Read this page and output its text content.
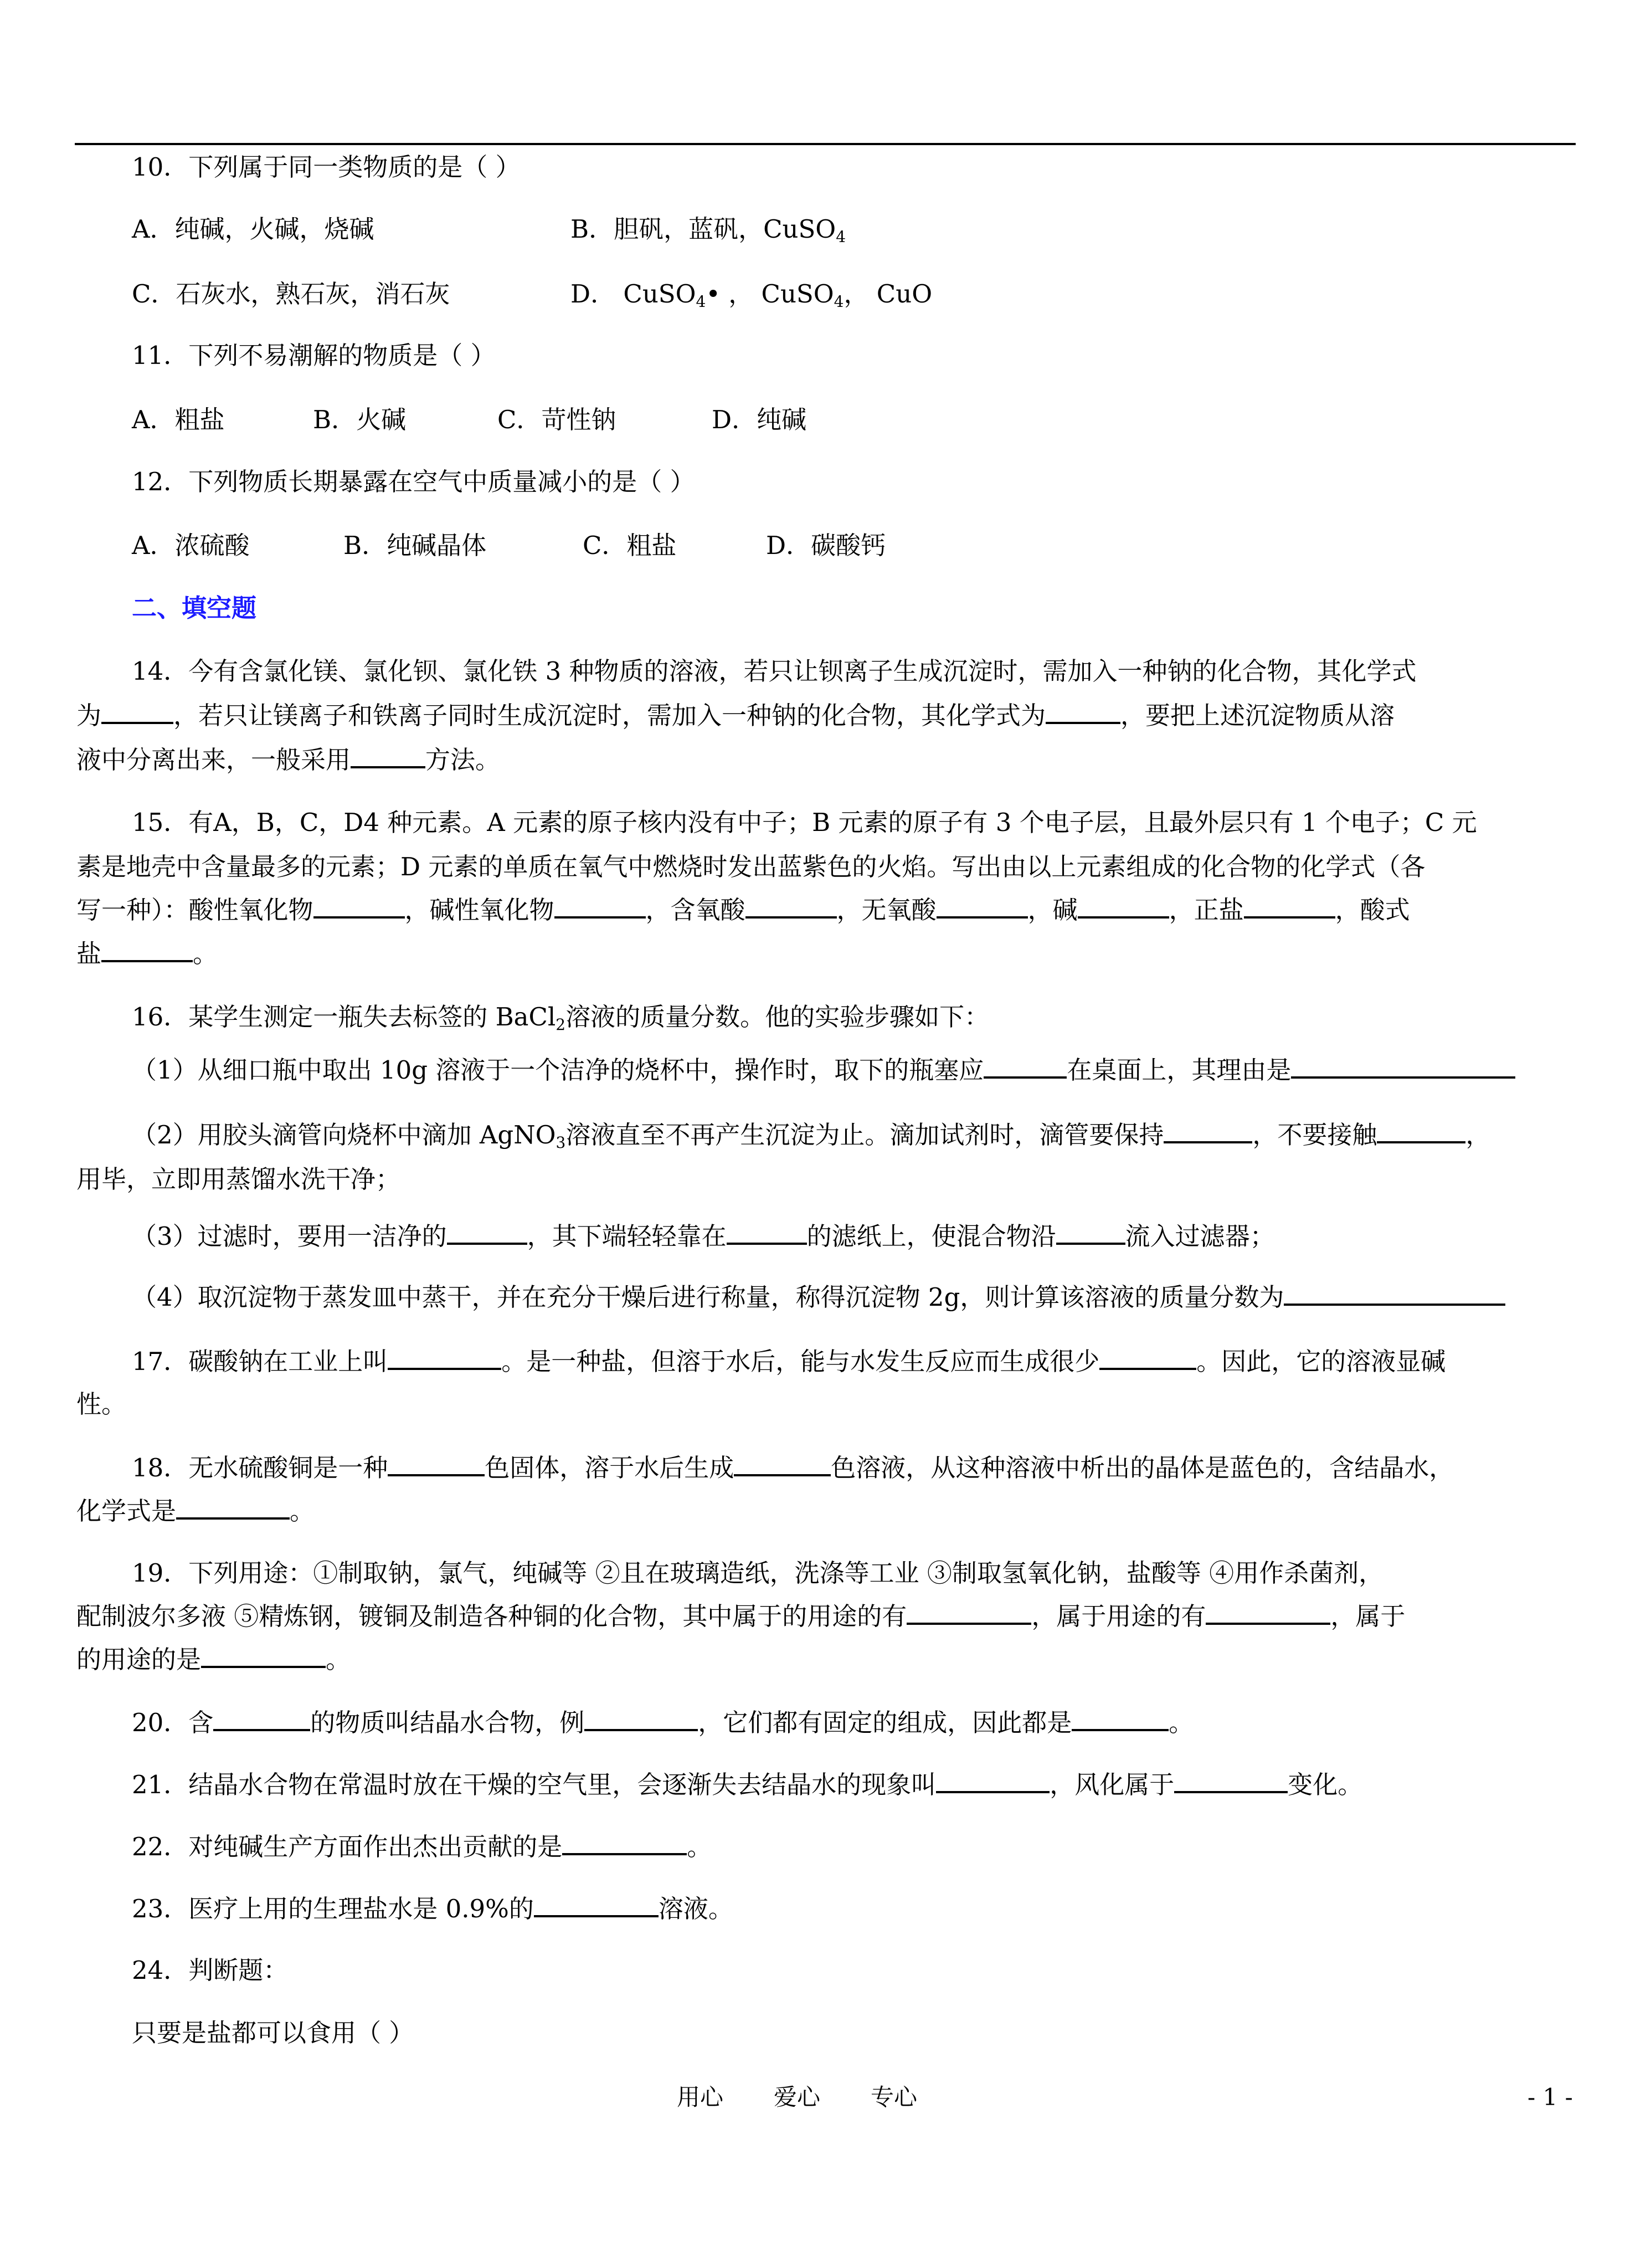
10．下列属于同一类物质的是（ ）
A．纯碱，火碱，烧碱	B．胆矾，蓝矾，CuSO$_4$
C．石灰水，熟石灰，消石灰	D． CuSO$_4$• ， CuSO$_4$， CuO
11．下列不易潮解的物质是（ ）
A．粗盐	B．火碱	C．苛性钠	D．纯碱
12．下列物质长期暴露在空气中质量减小的是（ ）
A．浓硫酸	B．纯碱晶体	C．粗盐	D．碳酸钙
二、填空题
14．今有含氯化镁、氯化钡、氯化铁 3 种物质的溶液，若只让钡离子生成沉淀时，需加入一种钠的化合物，其化学式
为	，若只让镁离子和铁离子同时生成沉淀时，需加入一种钠的化合物，其化学式为	，要把上述沉淀物质从溶
液中分离出来，一般采用	方法。
15．有A，B，C，D4 种元素。A 元素的原子核内没有中子；B 元素的原子有 3 个电子层，且最外层只有 1 个电子；C 元
素是地壳中含量最多的元素；D 元素的单质在氧气中燃烧时发出蓝紫色的火焰。写出由以上元素组成的化合物的化学式（各
写一种）：酸性氧化物	，碱性氧化物	，含氧酸	，无氧酸	，碱	，正盐	，酸式
盐	。
16．某学生测定一瓶失去标签的 BaCl$_2$溶液的质量分数。他的实验步骤如下：
（1）从细口瓶中取出 10g 溶液于一个洁净的烧杯中，操作时，取下的瓶塞应	在桌面上，其理由是
（2）用胶头滴管向烧杯中滴加 AgNO$_3$溶液直至不再产生沉淀为止。滴加试剂时，滴管要保持	，不要接触	，
用毕，立即用蒸馏水洗干净；
（3）过滤时，要用一洁净的	，其下端轻轻靠在	的滤纸上，使混合物沿	流入过滤器；
（4）取沉淀物于蒸发皿中蒸干，并在充分干燥后进行称量，称得沉淀物 2g，则计算该溶液的质量分数为
17．碳酸钠在工业上叫	。是一种盐，但溶于水后，能与水发生反应而生成很少	。因此，它的溶液显碱
性。
18．无水硫酸铜是一种	色固体，溶于水后生成	色溶液，从这种溶液中析出的晶体是蓝色的，含结晶水，
化学式是	。
19．下列用途：①制取钠，氯气，纯碱等 ②且在玻璃造纸，洗涤等工业 ③制取氢氧化钠，盐酸等 ④用作杀菌剂，
配制波尔多液 ⑤精炼钢，镀铜及制造各种铜的化合物，其中属于的用途的有	，属于用途的有	，属于
的用途的是	。
20．含	的物质叫结晶水合物，例	，它们都有固定的组成，因此都是	。
21．结晶水合物在常温时放在干燥的空气里，会逐渐失去结晶水的现象叫	，风化属于	变化。
22．对纯碱生产方面作出杰出贡献的是	。
23．医疗上用的生理盐水是 0.9%的	溶液。
24．判断题：
只要是盐都可以食用（ ）
用心 爱心 专心	- 1 -
